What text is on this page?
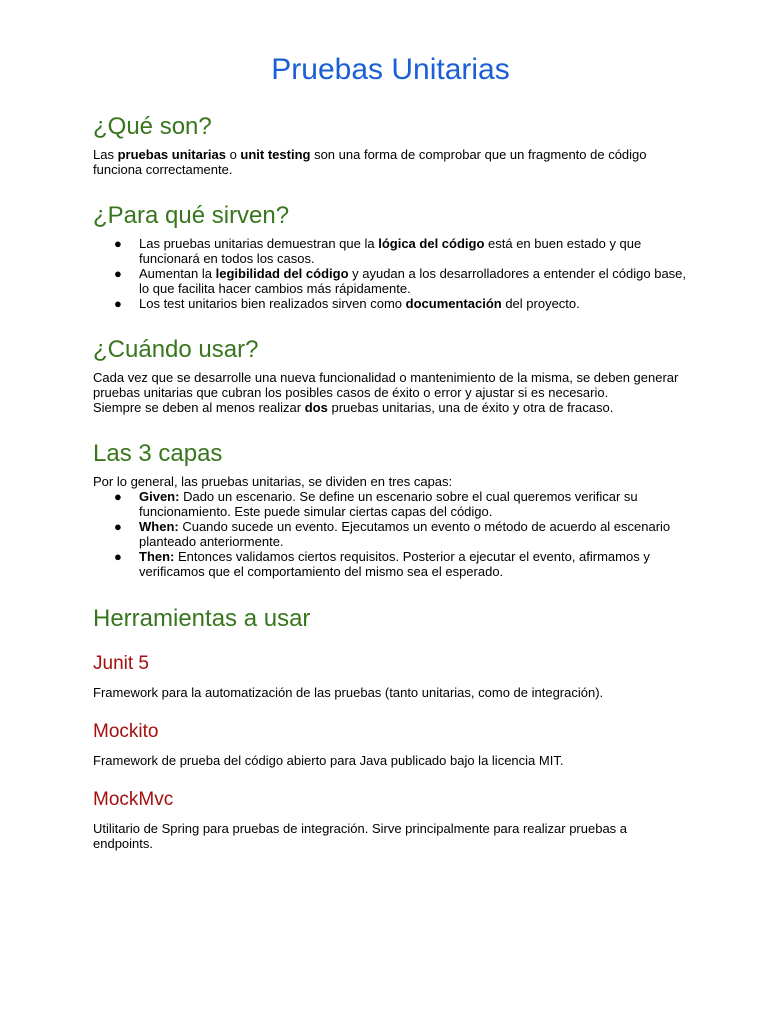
Pruebas Unitarias
¿Qué son?

Las pruebas unitarias o unit testing son una forma de comprobar que un fragmento de código funciona correctamente.

¿Para qué sirven?
● Las pruebas unitarias demuestran que la lógica del código está en buen estado y que funcionará en todos los casos.
● Aumentan la legibilidad del código y ayudan a los desarrolladores a entender el código base, lo que facilita hacer cambios más rápidamente.
● Los test unitarios bien realizados sirven como documentación del proyecto.
¿Cuándo usar?

Cada vez que se desarrolle una nueva funcionalidad o mantenimiento de la misma, se deben generar pruebas unitarias que cubran los posibles casos de éxito o error y ajustar si es necesario.

Siempre se deben al menos realizar dos pruebas unitarias, una de éxito y otra de fracaso.

Las 3 capas

Por lo general, las pruebas unitarias, se dividen en tres capas:

● Given: Dado un escenario. Se define un escenario sobre el cual queremos verificar su funcionamiento. Este puede simular ciertas capas del código.
● When: Cuando sucede un evento. Ejecutamos un evento o método de acuerdo al escenario planteado anteriormente.
● Then: Entonces validamos ciertos requisitos. Posterior a ejecutar el evento, afirmamos y verificamos que el comportamiento del mismo sea el esperado.
Herramientas a usar
Junit 5

Framework para la automatización de las pruebas (tanto unitarias, como de integración).

Mockito

Framework de prueba del código abierto para Java publicado bajo la licencia MIT.

MockMvc

Utilitario de Spring para pruebas de integración. Sirve principalmente para realizar pruebas a endpoints.
